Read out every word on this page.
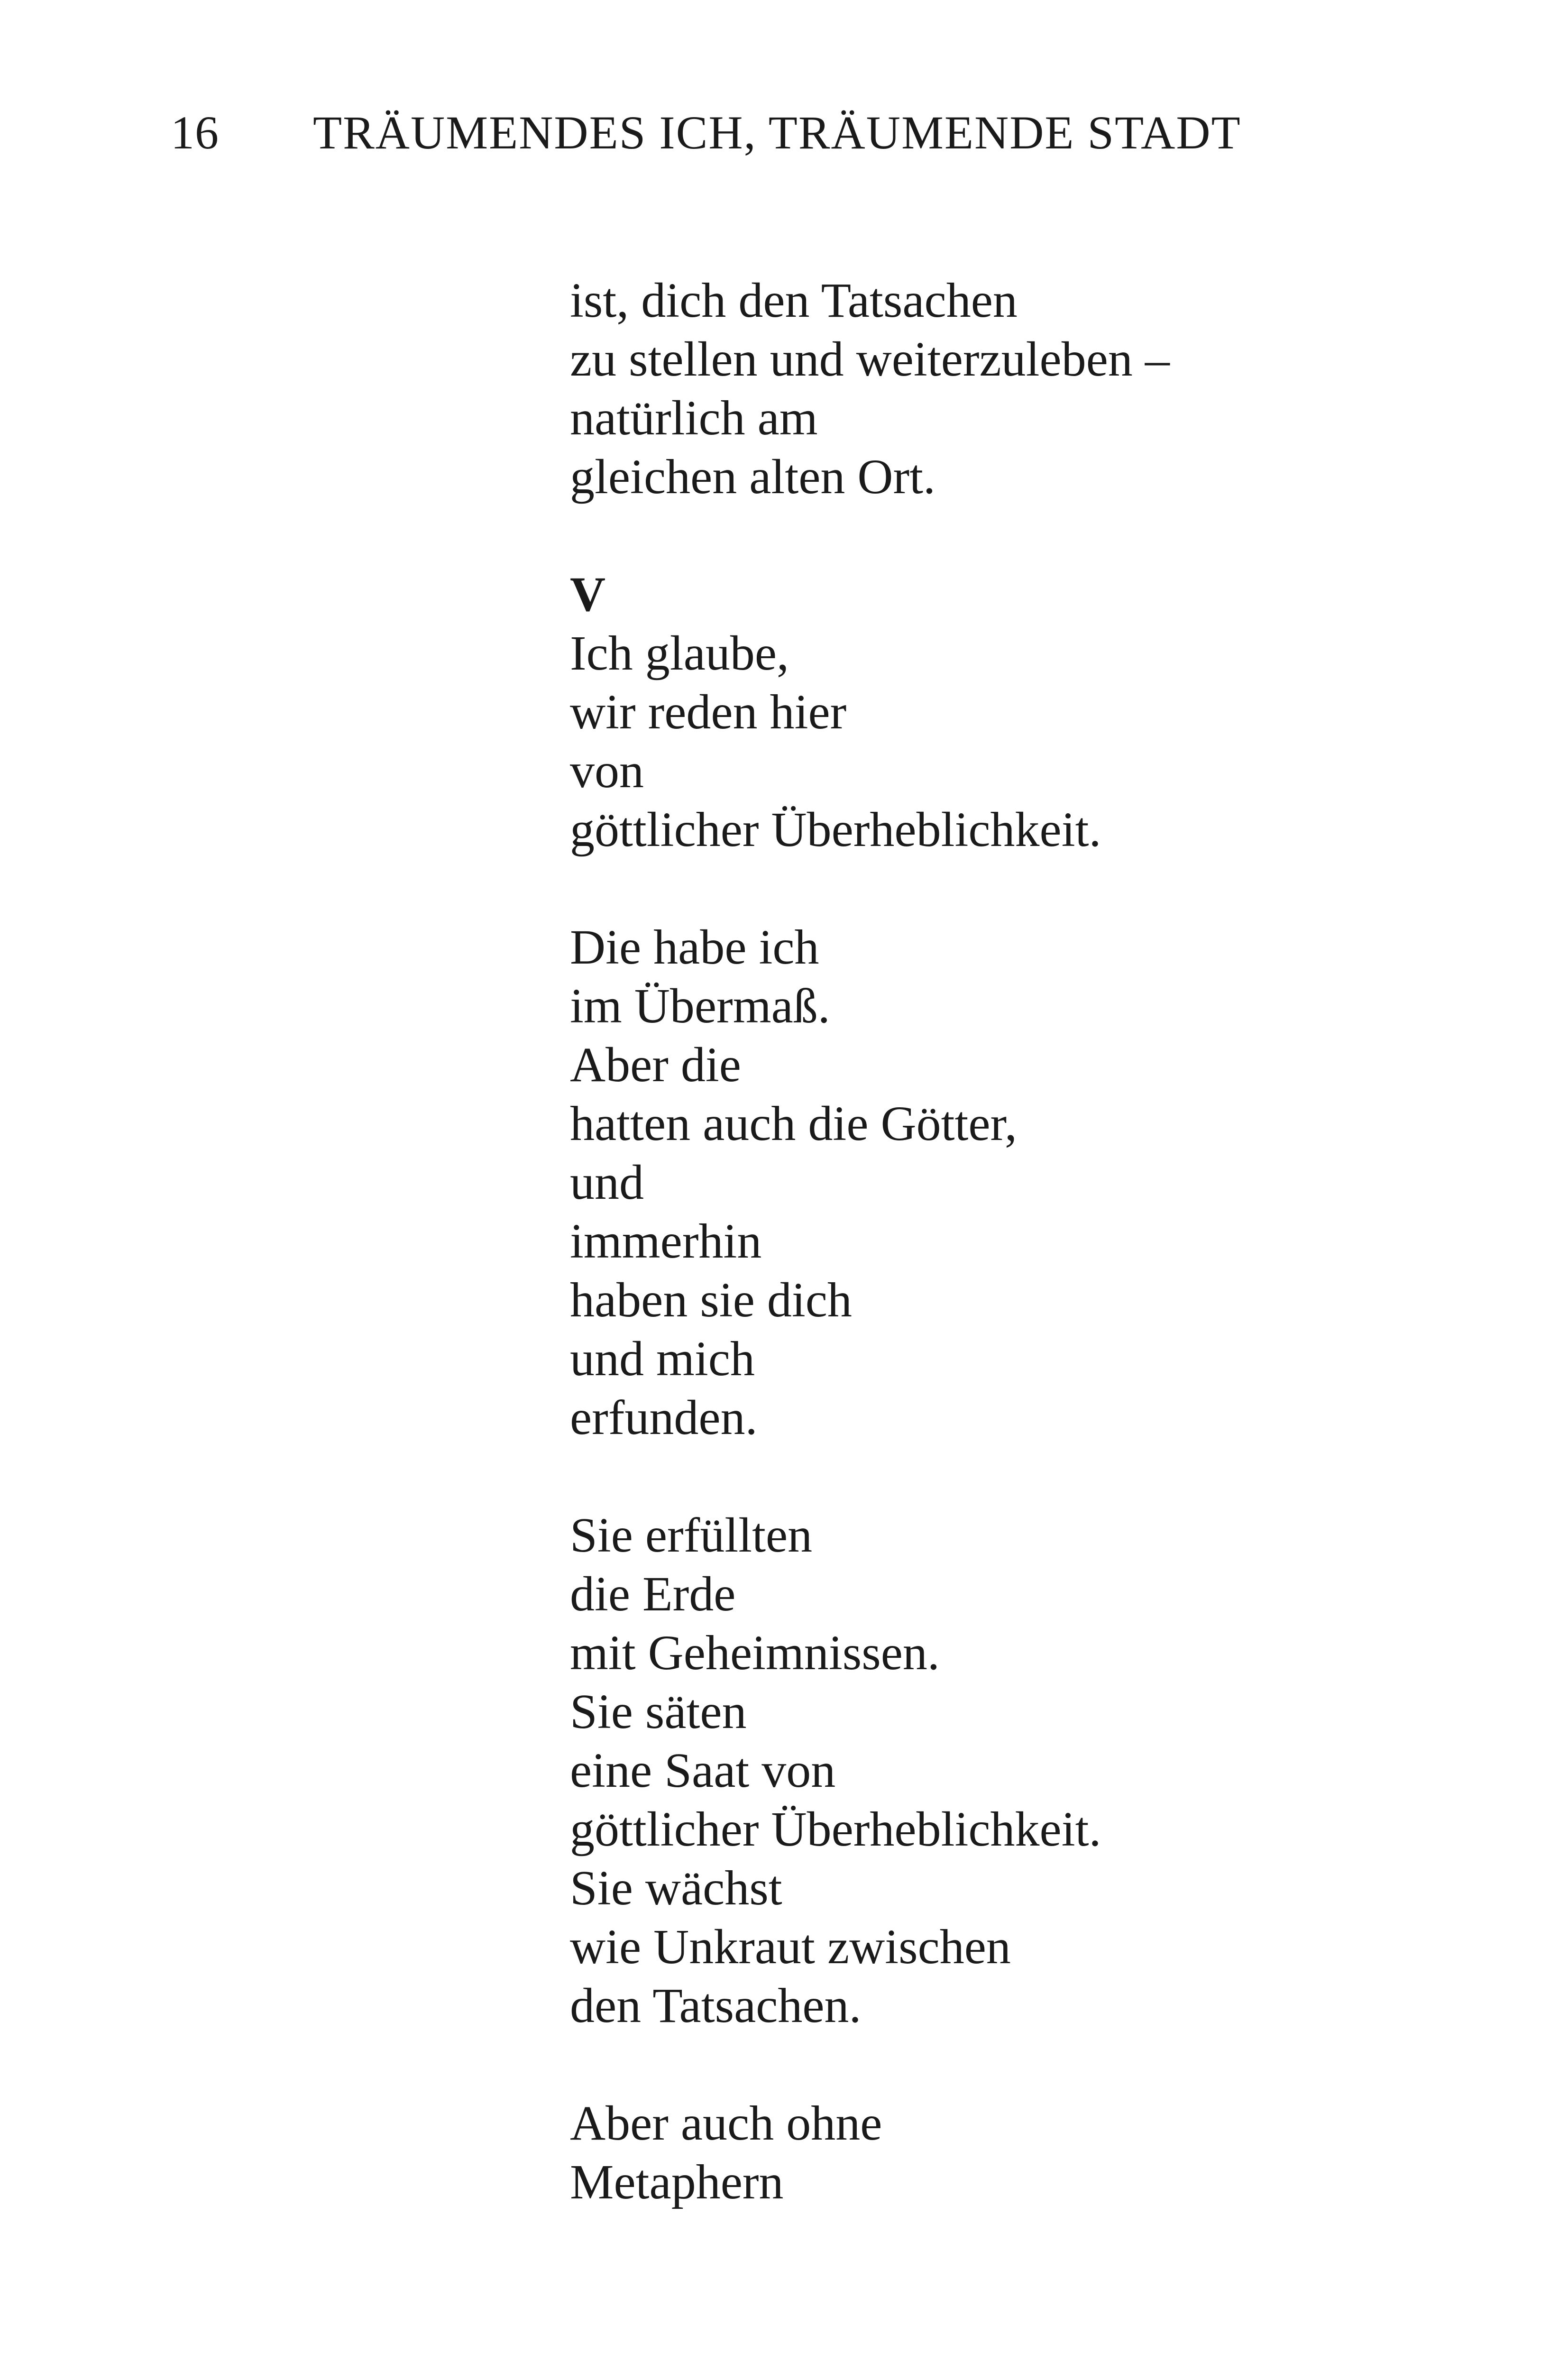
16 TRÄUMENDES ICH, TRÄUMENDE STADT
ist, dich den Tatsachen
zu stellen und weiterzuleben –
natürlich am
gleichen alten Ort.
V
Ich glaube,
wir reden hier
von
göttlicher Überheblichkeit.
Die habe ich
im Übermaß.
Aber die
hatten auch die Götter,
und
immerhin
haben sie dich
und mich
erfunden.
Sie erfüllten
die Erde
mit Geheimnissen.
Sie säten
eine Saat von
göttlicher Überheblichkeit.
Sie wächst
wie Unkraut zwischen
den Tatsachen.
Aber auch ohne
Metaphern
